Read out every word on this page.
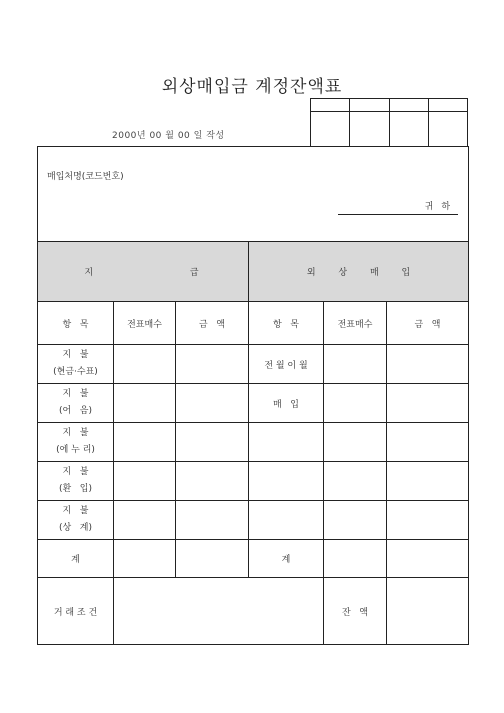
외상매입금 계정잔액표

2000년 00 월 00 일 작성
매입처명(코드번호)
귀하					

지 급			외 상 매 입		
항   목	전표매수	금   액	항   목	전표매수	금   액

지   불
(현금·수표)			전 월 이 월		

지   불
(어   음)			매   입		

지   불
(에 누 리)					

지   불
(환   입)					

지   불
(상   계)					

계			계		
거 래 조 건				잔   액	
